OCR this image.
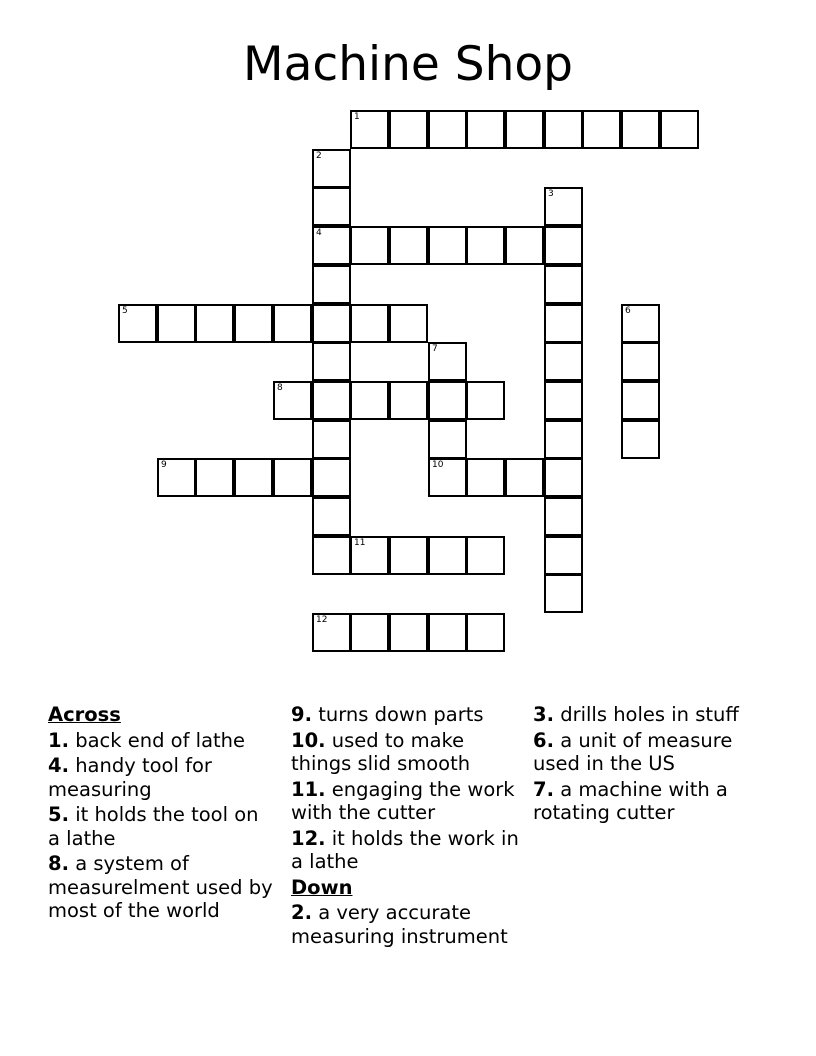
Machine Shop
1
2
4
3
5	6
7
10
8
9
11
12
Across
1. back end of lathe
4. handy tool for measuring
5. it holds the tool on a lathe
8. a system of measurelment used by most of the world
9. turns down parts
10. used to make things slid smooth
11. engaging the work with the cutter
12. it holds the work in a lathe
Down
2. a very accurate measuring instrument
3. drills holes in stuff
6. a unit of measure used in the US
7. a machine with a rotating cutter
